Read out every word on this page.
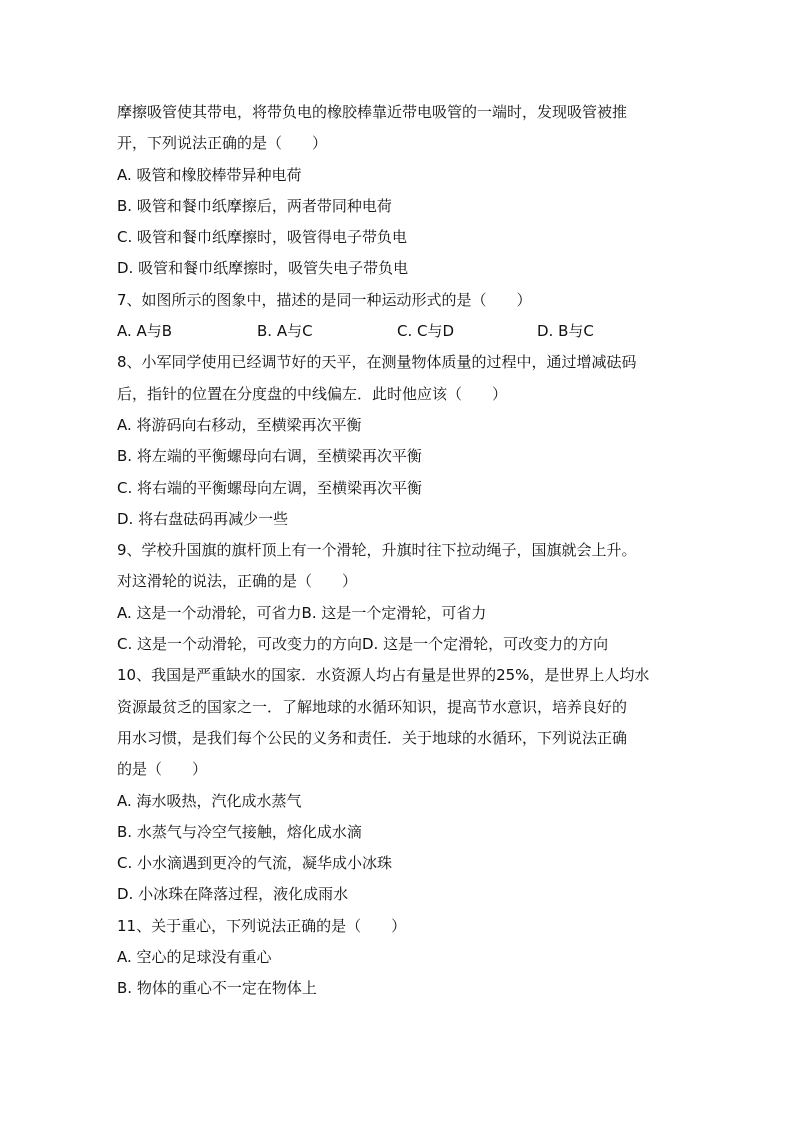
摩擦吸管使其带电，将带负电的橡胶棒靠近带电吸管的一端时，发现吸管被推
开，下列说法正确的是（　　）
A. 吸管和橡胶棒带异种电荷
B. 吸管和餐巾纸摩擦后，两者带同种电荷
C. 吸管和餐巾纸摩擦时，吸管得电子带负电
D. 吸管和餐巾纸摩擦时，吸管失电子带负电
7、如图所示的图象中，描述的是同一种运动形式的是（　　）
A. A与B	B. A与C	C. C与D	D. B与C
8、小军同学使用已经调节好的天平，在测量物体质量的过程中，通过增减砝码
后，指针的位置在分度盘的中线偏左．此时他应该（　　）
A. 将游码向右移动，至横梁再次平衡
B. 将左端的平衡螺母向右调，至横梁再次平衡
C. 将右端的平衡螺母向左调，至横梁再次平衡
D. 将右盘砝码再减少一些
9、学校升国旗的旗杆顶上有一个滑轮，升旗时往下拉动绳子，国旗就会上升。
对这滑轮的说法，正确的是（　　）
A. 这是一个动滑轮，可省力B. 这是一个定滑轮，可省力
C. 这是一个动滑轮，可改变力的方向D. 这是一个定滑轮，可改变力的方向
10、我国是严重缺水的国家．水资源人均占有量是世界的25%，是世界上人均水
资源最贫乏的国家之一．了解地球的水循环知识，提高节水意识，培养良好的
用水习惯，是我们每个公民的义务和责任．关于地球的水循环，下列说法正确
的是（　　）
A. 海水吸热，汽化成水蒸气
B. 水蒸气与冷空气接触，熔化成水滴
C. 小水滴遇到更冷的气流，凝华成小冰珠
D. 小冰珠在降落过程，液化成雨水
11、关于重心，下列说法正确的是（　　）
A. 空心的足球没有重心
B. 物体的重心不一定在物体上
